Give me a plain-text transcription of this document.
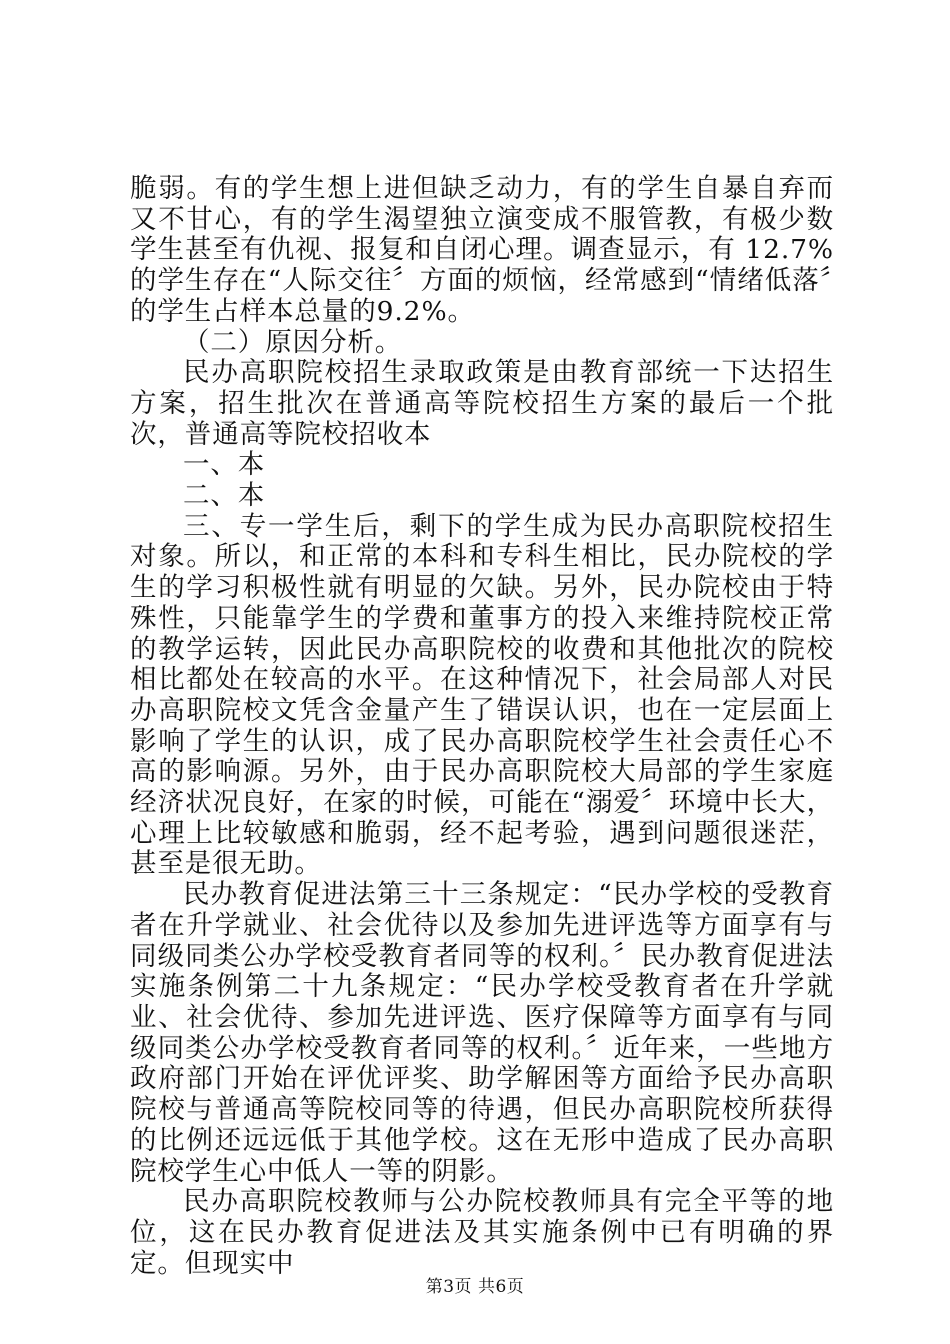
脆弱。有的学生想上进但缺乏动力，有的学生自暴自弃而又不甘心，有的学生渴望独立演变成不服管教，有极少数学生甚至有仇视、报复和自闭心理。调查显示，有 12.7%的学生存在“人际交往〞方面的烦恼，经常感到“情绪低落〞的学生占样本总量的9.2%。

（二）原因分析。

民办高职院校招生录取政策是由教育部统一下达招生方案，招生批次在普通高等院校招生方案的最后一个批次，普通高等院校招收本

一、本

二、本

三、专一学生后，剩下的学生成为民办高职院校招生对象。所以，和正常的本科和专科生相比，民办院校的学生的学习积极性就有明显的欠缺。另外，民办院校由于特殊性，只能靠学生的学费和董事方的投入来维持院校正常的教学运转，因此民办高职院校的收费和其他批次的院校相比都处在较高的水平。在这种情况下，社会局部人对民办高职院校文凭含金量产生了错误认识，也在一定层面上影响了学生的认识，成了民办高职院校学生社会责任心不高的影响源。另外，由于民办高职院校大局部的学生家庭经济状况良好，在家的时候，可能在“溺爱〞环境中长大，心理上比较敏感和脆弱，经不起考验，遇到问题很迷茫，甚至是很无助。

民办教育促进法第三十三条规定：“民办学校的受教育者在升学就业、社会优待以及参加先进评选等方面享有与同级同类公办学校受教育者同等的权利。〞民办教育促进法实施条例第二十九条规定：“民办学校受教育者在升学就业、社会优待、参加先进评选、医疗保障等方面享有与同级同类公办学校受教育者同等的权利。〞近年来，一些地方政府部门开始在评优评奖、助学解困等方面给予民办高职院校与普通高等院校同等的待遇，但民办高职院校所获得的比例还远远低于其他学校。这在无形中造成了民办高职院校学生心中低人一等的阴影。

民办高职院校教师与公办院校教师具有完全平等的地位，这在民办教育促进法及其实施条例中已有明确的界定。但现实中

第3页 共6页
